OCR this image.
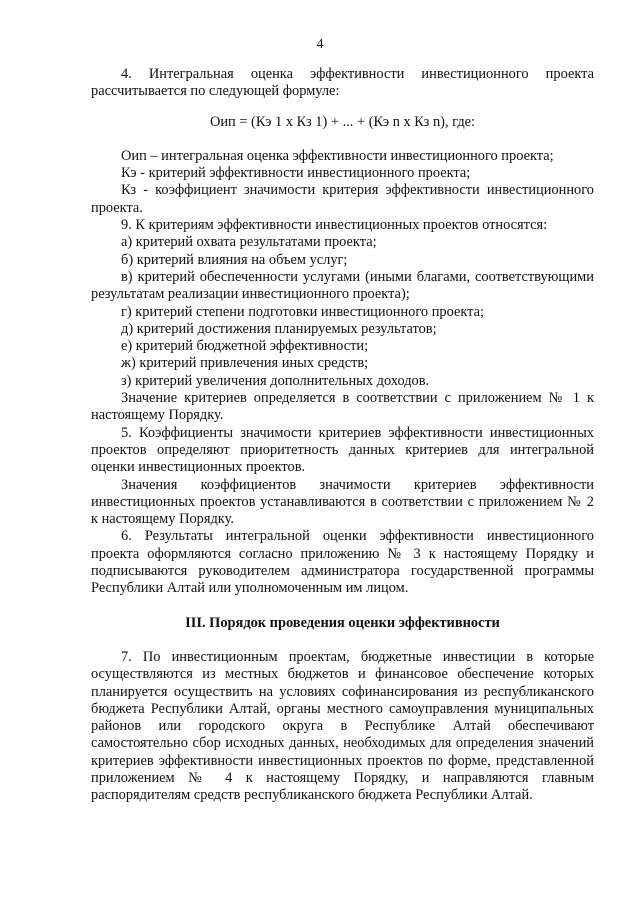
4

4. Интегральная оценка эффективности инвестиционного проекта рассчитывается по следующей формуле:

Оип = (Кэ 1 х Кз 1) + ... + (Кэ n х Кз n), где:

Оип – интегральная оценка эффективности инвестиционного проекта;

Кэ - критерий эффективности инвестиционного проекта;

Кз - коэффициент значимости критерия эффективности инвестиционного проекта.

9. К критериям эффективности инвестиционных проектов относятся:

а) критерий охвата результатами проекта;

б) критерий влияния на объем услуг;

в) критерий обеспеченности услугами (иными благами, соответствующими результатам реализации инвестиционного проекта);

г) критерий степени подготовки инвестиционного проекта;

д) критерий достижения планируемых результатов;

е) критерий бюджетной эффективности;

ж) критерий привлечения иных средств;

з) критерий увеличения дополнительных доходов.

Значение критериев определяется в соответствии с приложением № 1 к настоящему Порядку.

5. Коэффициенты значимости критериев эффективности инвестиционных проектов определяют приоритетность данных критериев для интегральной оценки инвестиционных проектов.

Значения коэффициентов значимости критериев эффективности инвестиционных проектов устанавливаются в соответствии с приложением № 2 к настоящему Порядку.

6. Результаты интегральной оценки эффективности инвестиционного проекта оформляются согласно приложению № 3 к настоящему Порядку и подписываются руководителем администратора государственной программы Республики Алтай или уполномоченным им лицом.

III. Порядок проведения оценки эффективности

7. По инвестиционным проектам, бюджетные инвестиции в которые осуществляются из местных бюджетов и финансовое обеспечение которых планируется осуществить на условиях софинансирования из республиканского бюджета Республики Алтай, органы местного самоуправления муниципальных районов или городского округа в Республике Алтай обеспечивают самостоятельно сбор исходных данных, необходимых для определения значений критериев эффективности инвестиционных проектов по форме, представленной приложением № 4 к настоящему Порядку, и направляются главным распорядителям средств республиканского бюджета Республики Алтай.
